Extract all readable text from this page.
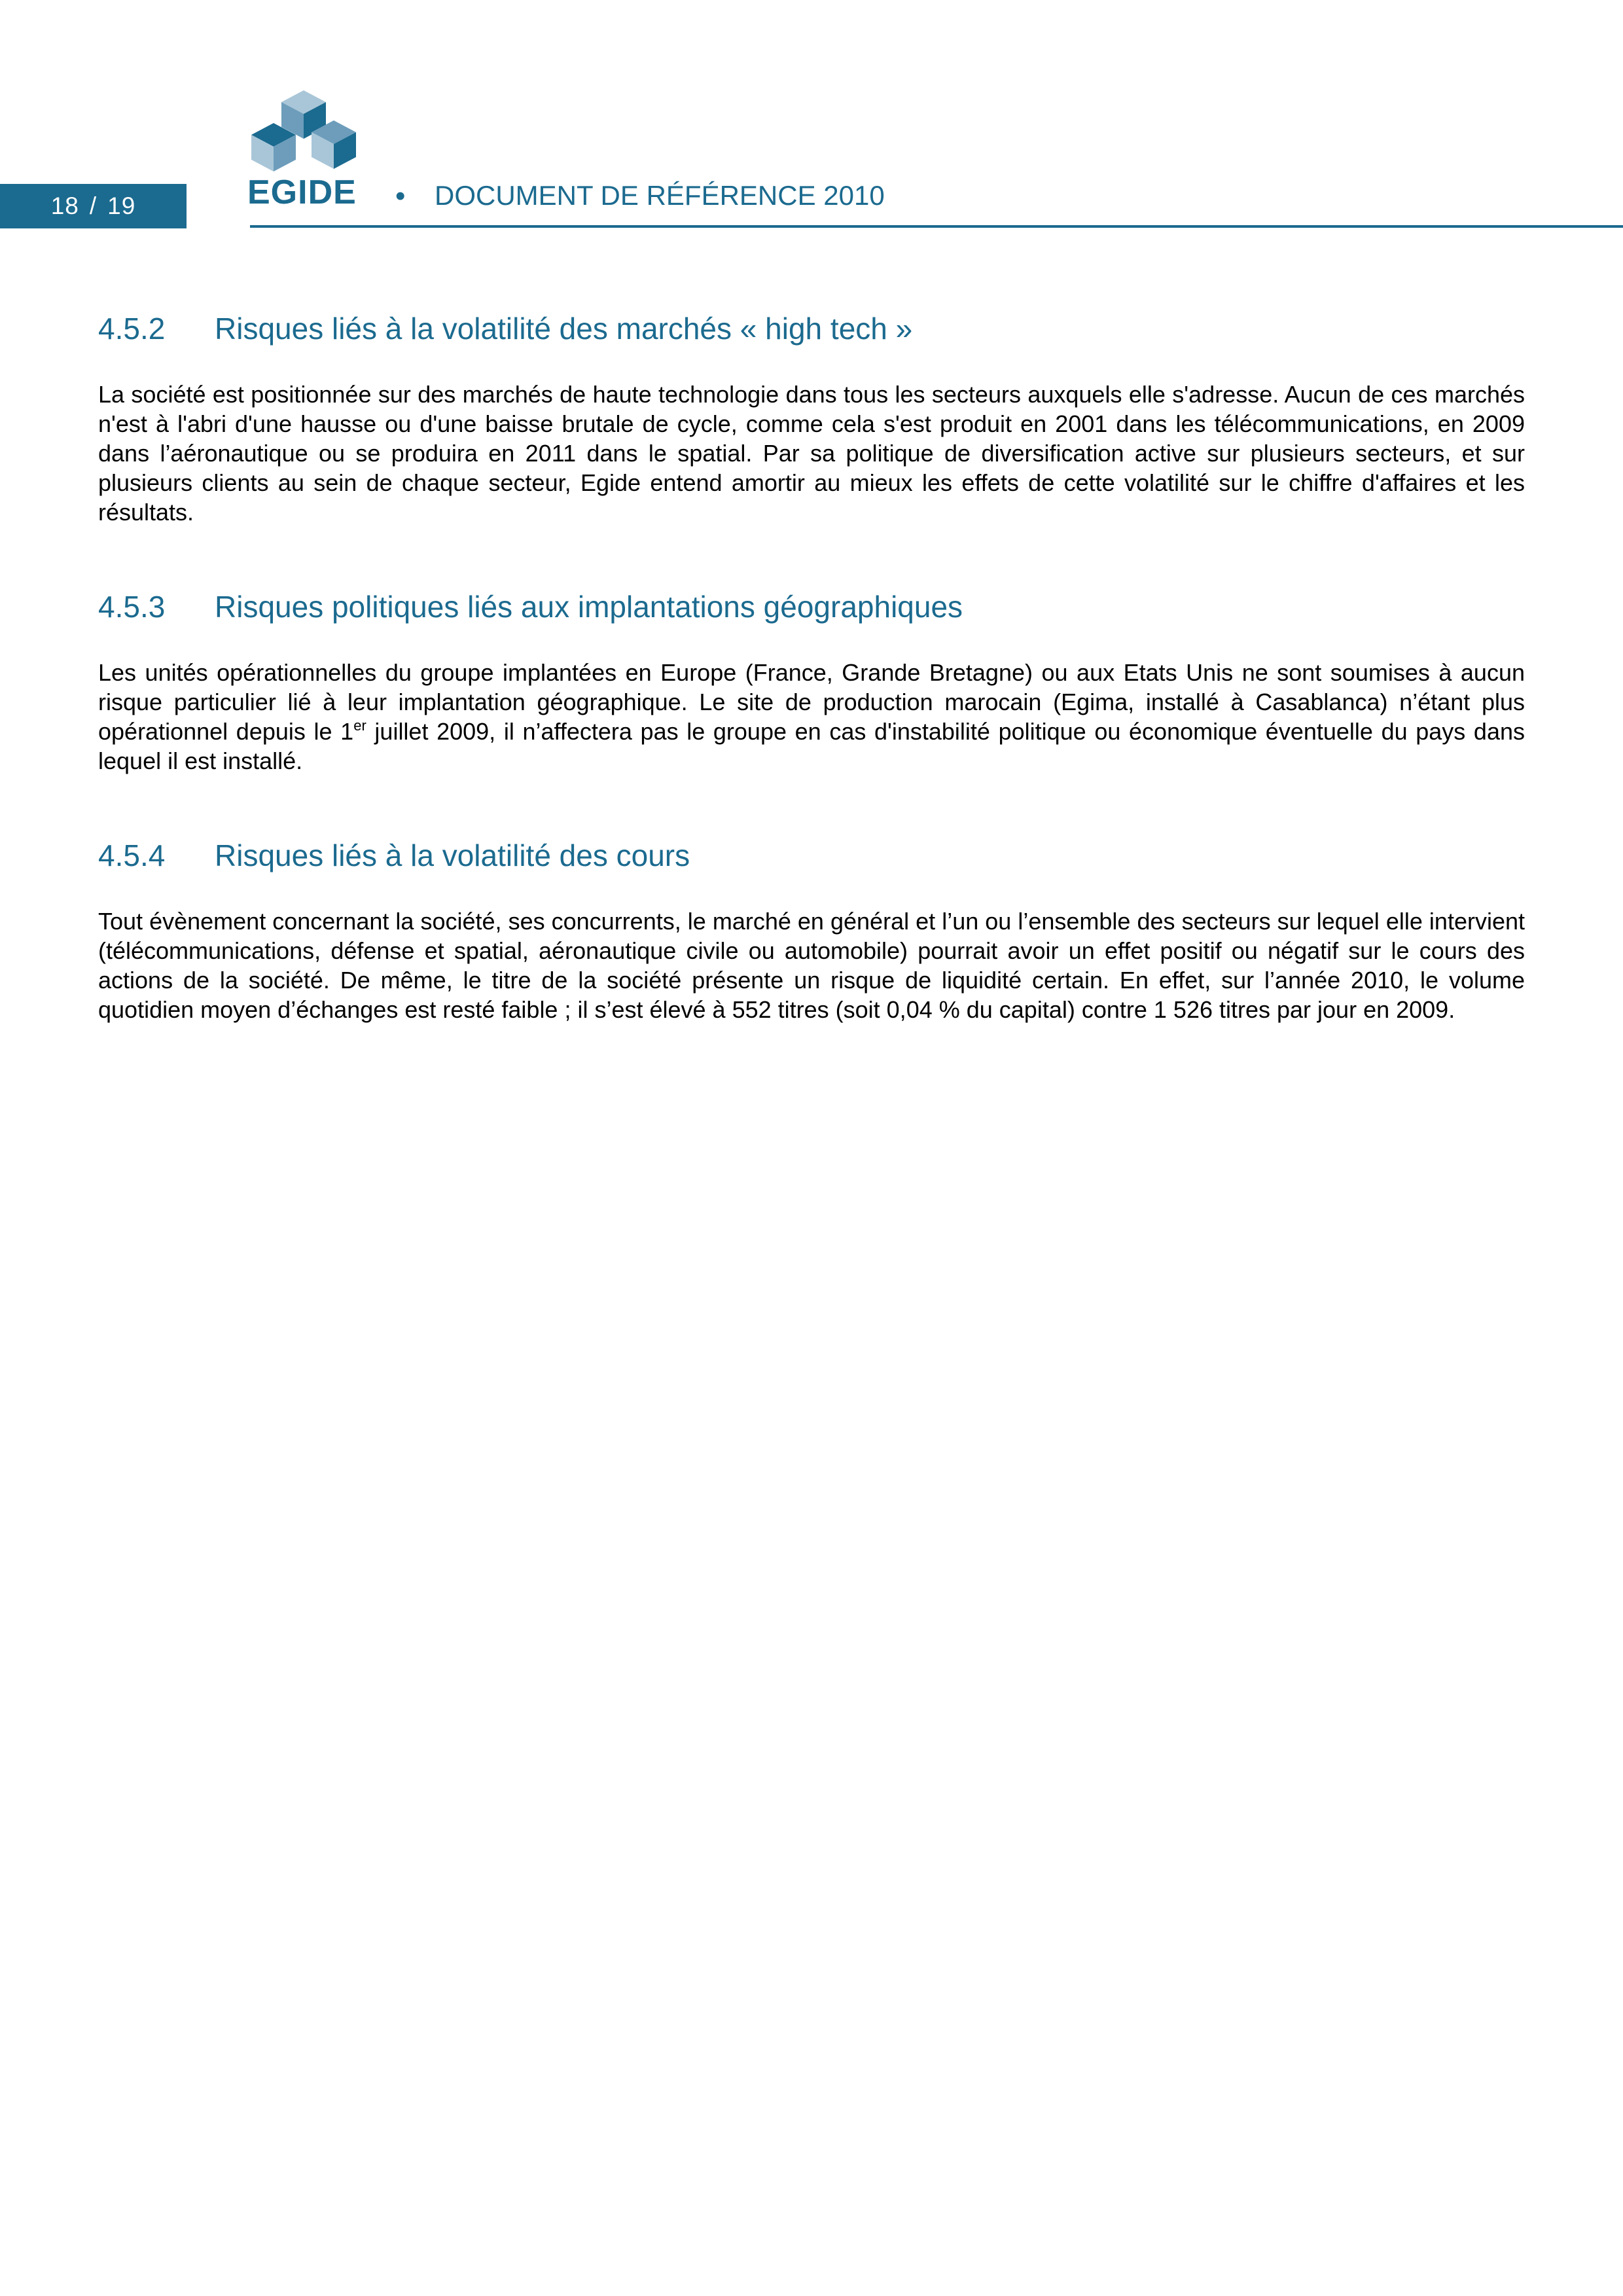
18 / 19	EGIDE • DOCUMENT DE RÉFÉRENCE 2010
4.5.2	Risques liés à la volatilité des marchés « high tech »

La société est positionnée sur des marchés de haute technologie dans tous les secteurs auxquels elle s'adresse. Aucun de ces marchés n'est à l'abri d'une hausse ou d'une baisse brutale de cycle, comme cela s'est produit en 2001 dans les télécommunications, en 2009 dans l’aéronautique ou se produira en 2011 dans le spatial. Par sa politique de diversification active sur plusieurs secteurs, et sur plusieurs clients au sein de chaque secteur, Egide entend amortir au mieux les effets de cette volatilité sur le chiffre d'affaires et les résultats.

4.5.3	Risques politiques liés aux implantations géographiques

Les unités opérationnelles du groupe implantées en Europe (France, Grande Bretagne) ou aux Etats Unis ne sont soumises à aucun risque particulier lié à leur implantation géographique. Le site de production marocain (Egima, installé à Casablanca) n’étant plus opérationnel depuis le 1er juillet 2009, il n’affectera pas le groupe en cas d'instabilité politique ou économique éventuelle du pays dans lequel il est installé.

4.5.4	Risques liés à la volatilité des cours

Tout évènement concernant la société, ses concurrents, le marché en général et l’un ou l’ensemble des secteurs sur lequel elle intervient (télécommunications, défense et spatial, aéronautique civile ou automobile) pourrait avoir un effet positif ou négatif sur le cours des actions de la société. De même, le titre de la société présente un risque de liquidité certain. En effet, sur l’année 2010, le volume quotidien moyen d’échanges est resté faible ; il s’est élevé à 552 titres (soit 0,04 % du capital) contre 1 526 titres par jour en 2009.
